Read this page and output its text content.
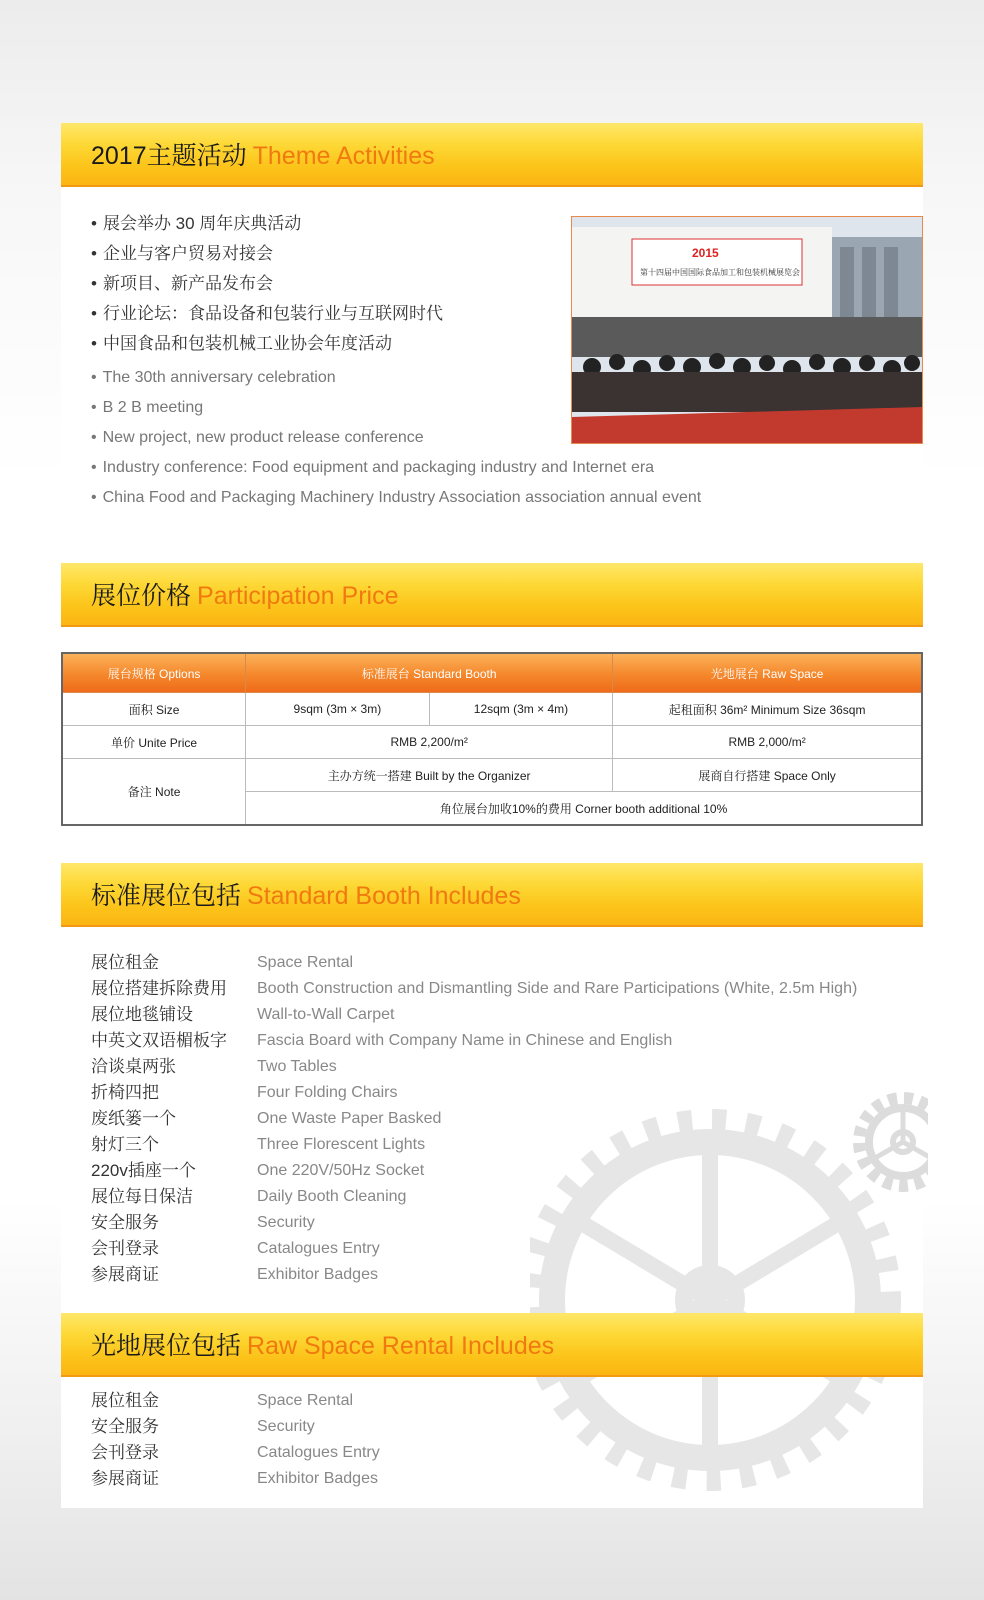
2017主题活动 Theme Activities
• 展会举办 30 周年庆典活动
• 企业与客户贸易对接会
• 新项目、新产品发布会
• 行业论坛：食品设备和包装行业与互联网时代
• 中国食品和包装机械工业协会年度活动
• The 30th anniversary celebration
• B 2 B meeting
• New project, new product release conference
• Industry conference: Food equipment and packaging industry and Internet era
• China Food and Packaging Machinery Industry Association association annual event
2015
第十四届中国国际食品加工和包装机械展览会
展位价格 Participation Price
展台规格 Options	标准展台 Standard Booth		光地展台 Raw Space
面积 Size	9sqm (3m × 3m)	12sqm (3m × 4m)	起租面积 36m² Minimum Size 36sqm
单价 Unite Price	RMB 2,200/m²		RMB 2,000/m²
备注 Note	主办方统一搭建 Built by the Organizer		展商自行搭建 Space Only
	角位展台加收10%的费用 Corner booth additional 10%		
标准展位包括 Standard Booth Includes
展位租金	Space Rental
展位搭建拆除费用	Booth Construction and Dismantling Side and Rare Participations (White, 2.5m High)
展位地毯铺设	Wall-to-Wall Carpet
中英文双语楣板字	Fascia Board with Company Name in Chinese and English
洽谈桌两张	Two Tables
折椅四把	Four Folding Chairs
废纸篓一个	One Waste Paper Basked
射灯三个	Three Florescent Lights
220v插座一个	One 220V/50Hz Socket
展位每日保洁	Daily Booth Cleaning
安全服务	Security
会刊登录	Catalogues Entry
参展商证	Exhibitor Badges
光地展位包括 Raw Space Rental Includes
展位租金	Space Rental
安全服务	Security
会刊登录	Catalogues Entry
参展商证	Exhibitor Badges
